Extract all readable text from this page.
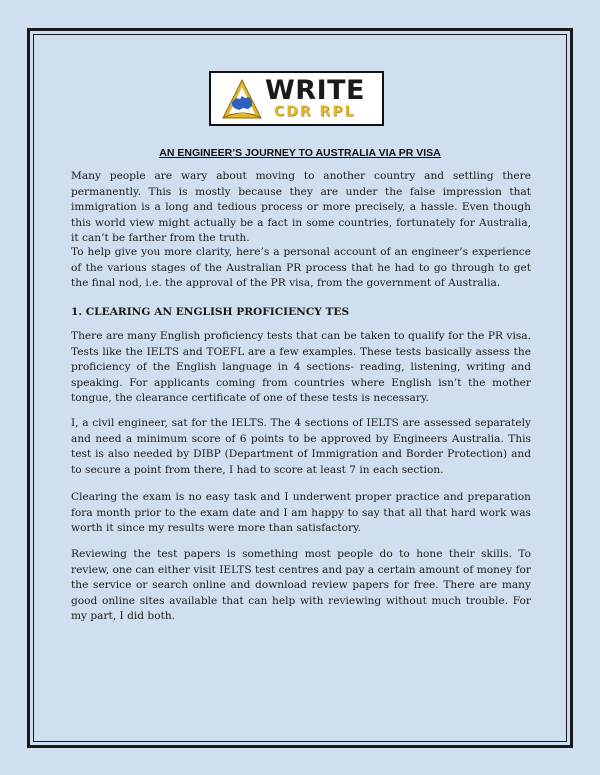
WRITE
CDR RPL
AN ENGINEER’S JOURNEY TO AUSTRALIA VIA PR VISA

Many people are wary about moving to another country and settling there permanently. This is mostly because they are under the false impression that immigration is a long and tedious process or more precisely, a hassle. Even though this world view might actually be a fact in some countries, fortunately for Australia, it can’t be farther from the truth.

To help give you more clarity, here’s a personal account of an engineer’s experience of the various stages of the Australian PR process that he had to go through to get the final nod, i.e. the approval of the PR visa, from the government of Australia.

1. CLEARING AN ENGLISH PROFICIENCY TES

There are many English proficiency tests that can be taken to qualify for the PR visa. Tests like the IELTS and TOEFL are a few examples. These tests basically assess the proficiency of the English language in 4 sections- reading, listening, writing and speaking. For applicants coming from countries where English isn’t the mother tongue, the clearance certificate of one of these tests is necessary.

I, a civil engineer, sat for the IELTS. The 4 sections of IELTS are assessed separately and need a minimum score of 6 points to be approved by Engineers Australia. This test is also needed by DIBP (Department of Immigration and Border Protection) and to secure a point from there, I had to score at least 7 in each section.

Clearing the exam is no easy task and I underwent proper practice and preparation fora month prior to the exam date and I am happy to say that all that hard work was worth it since my results were more than satisfactory.

Reviewing the test papers is something most people do to hone their skills. To review, one can either visit IELTS test centres and pay a certain amount of money for the service or search online and download review papers for free. There are many good online sites available that can help with reviewing without much trouble. For my part, I did both.
